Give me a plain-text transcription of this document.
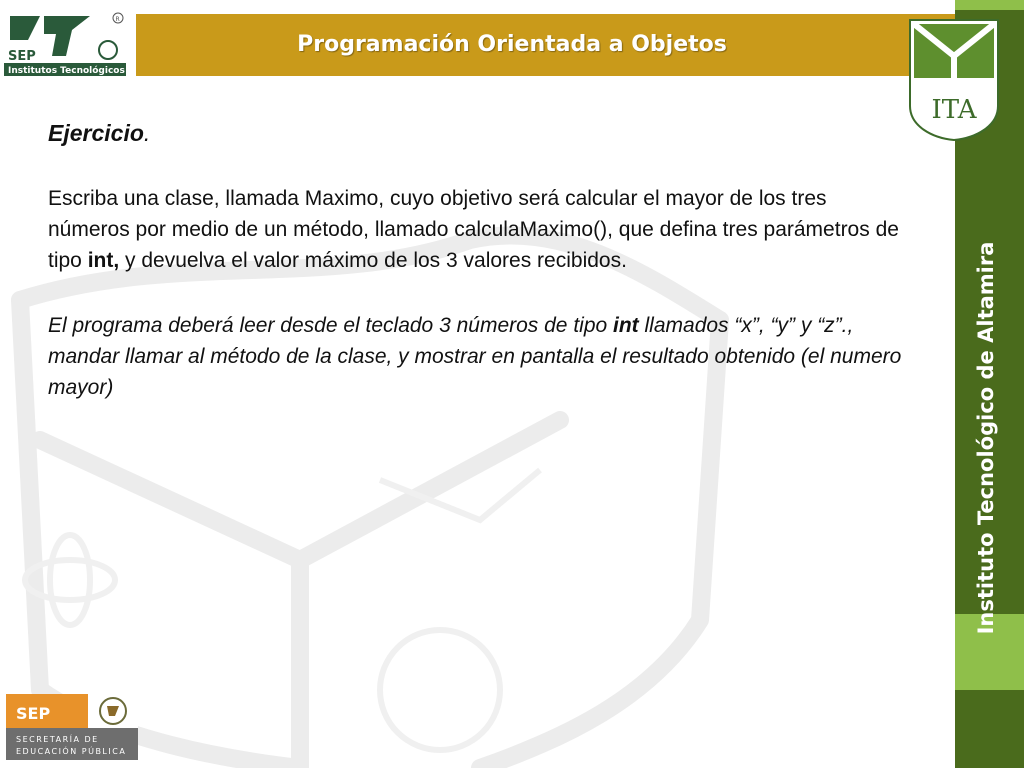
Programación Orientada a Objetos
R
SEP
Institutos Tecnológicos
Instituto Tecnológico de Altamira
ITA
SEP
SECRETARÍA DE
EDUCACIÓN PÚBLICA
Ejercicio.
Escriba una clase, llamada Maximo, cuyo objetivo será calcular el mayor de los tres números por medio de un método, llamado calculaMaximo(), que defina tres parámetros de tipo int, y devuelva el valor máximo de los 3 valores recibidos.
El programa deberá leer desde el teclado 3 números de tipo int llamados “x”, “y” y “z”., mandar llamar al método de la clase, y mostrar en pantalla el resultado obtenido (el numero mayor)
